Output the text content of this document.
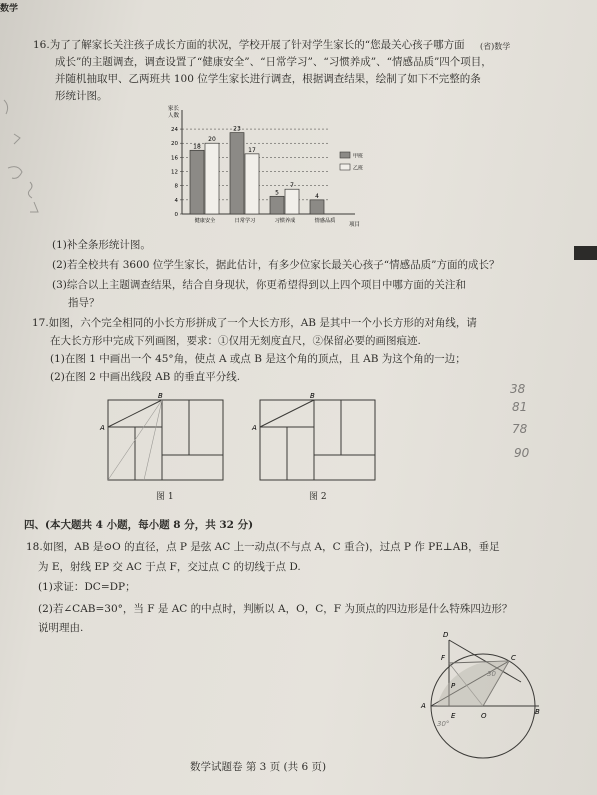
数学
(省)数学
16.为了了解家长关注孩子成长方面的状况，学校开展了针对学生家长的“您最关心孩子哪方面
成长”的主题调查，调查设置了“健康安全”、“日常学习”、“习惯养成”、“情感品质”四个项目，
并随机抽取甲、乙两班共 100 位学生家长进行调查，根据调查结果，绘制了如下不完整的条
形统计图。
家长
人数
项目
0
4
8
12
16
20
24
18
20
健康安全
23
17
日常学习
5
7
习惯养成
4
情感品质
甲班
乙班
(1)补全条形统计图。
(2)若全校共有 3600 位学生家长，据此估计，有多少位家长最关心孩子“情感品质”方面的成长？
(3)综合以上主题调查结果，结合自身现状，你更希望得到以上四个项目中哪方面的关注和
指导？
17.如图，六个完全相同的小长方形拼成了一个大长方形，AB 是其中一个小长方形的对角线，请
在大长方形中完成下列画图，要求：①仅用无刻度直尺，②保留必要的画图痕迹.
(1)在图 1 中画出一个 45°角，使点 A 或点 B 是这个角的顶点，且 AB 为这个角的一边；
(2)在图 2 中画出线段 AB 的垂直平分线.
38
81
78
90
B
A
图 1
B
A
图 2
四、(本大题共 4 小题，每小题 8 分，共 32 分)
18.如图，AB 是⊙O 的直径，点 P 是弦 AC 上一动点(不与点 A，C 重合)，过点 P 作 PE⊥AB，垂足
为 E，射线 EP 交 AC 于点 F，交过点 C 的切线于点 D.
(1)求证：DC=DP；
(2)若∠CAB=30°，当 F 是 AC 的中点时，判断以 A，O，C，F 为顶点的四边形是什么特殊四边形？
说明理由.
D
F	C
P
A
E	O	B
30
30°
数学试题卷 第 3 页 (共 6 页)
